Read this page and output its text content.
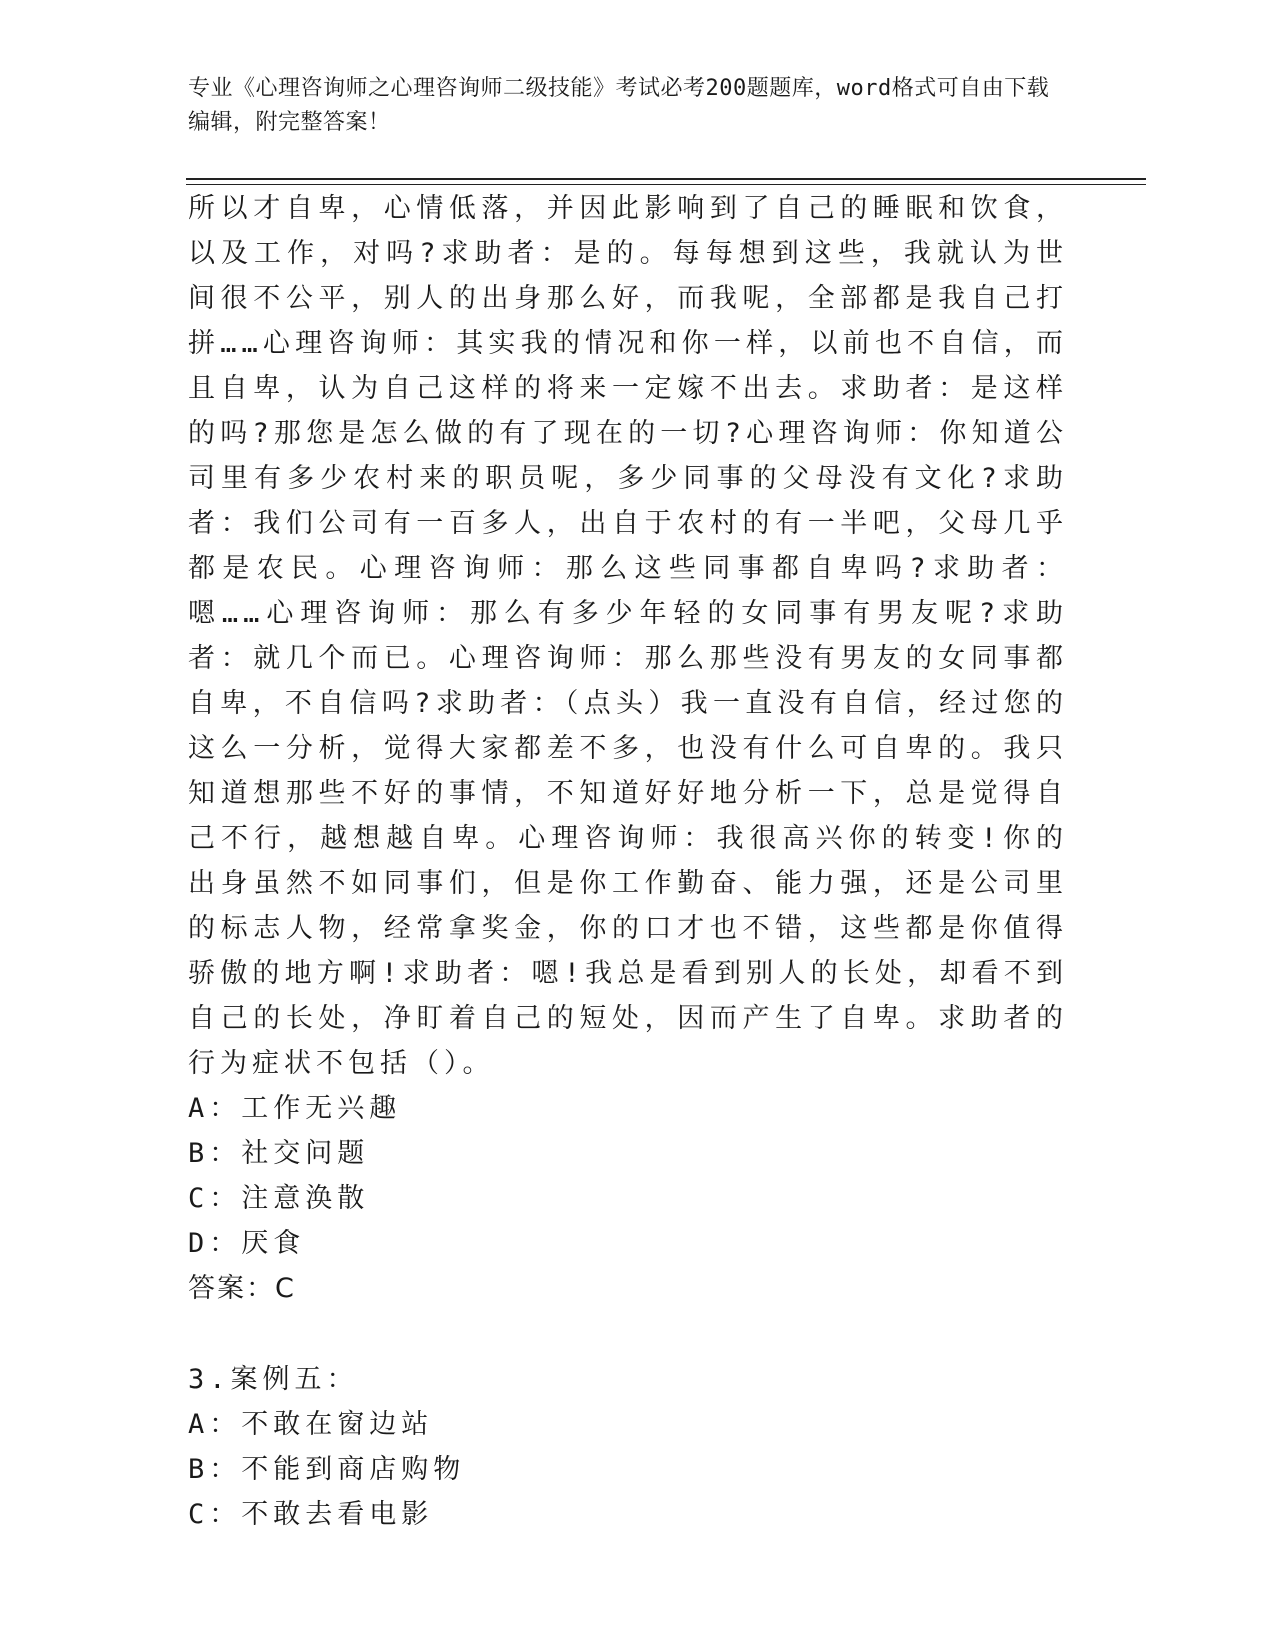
专业《心理咨询师之心理咨询师二级技能》考试必考200题题库，word格式可自由下载编辑，附完整答案！

所以才自卑，心情低落，并因此影响到了自己的睡眠和饮食，以及工作，对吗?求助者：是的。每每想到这些，我就认为世间很不公平，别人的出身那么好，而我呢，全部都是我自己打拼……心理咨询师：其实我的情况和你一样，以前也不自信，而且自卑，认为自己这样的将来一定嫁不出去。求助者：是这样的吗?那您是怎么做的有了现在的一切?心理咨询师：你知道公司里有多少农村来的职员呢，多少同事的父母没有文化?求助者：我们公司有一百多人，出自于农村的有一半吧，父母几乎都是农民。心理咨询师：那么这些同事都自卑吗?求助者：嗯……心理咨询师：那么有多少年轻的女同事有男友呢?求助者：就几个而已。心理咨询师：那么那些没有男友的女同事都自卑，不自信吗?求助者：（点头）我一直没有自信，经过您的这么一分析，觉得大家都差不多，也没有什么可自卑的。我只知道想那些不好的事情，不知道好好地分析一下，总是觉得自己不行，越想越自卑。心理咨询师：我很高兴你的转变!你的出身虽然不如同事们，但是你工作勤奋、能力强，还是公司里的标志人物，经常拿奖金，你的口才也不错，这些都是你值得骄傲的地方啊!求助者：嗯!我总是看到别人的长处，却看不到自己的长处，净盯着自己的短处，因而产生了自卑。求助者的行为症状不包括（）。

A：工作无兴趣

B：社交问题

C：注意涣散

D：厌食

答案：C

3.案例五：

A：不敢在窗边站

B：不能到商店购物

C：不敢去看电影
